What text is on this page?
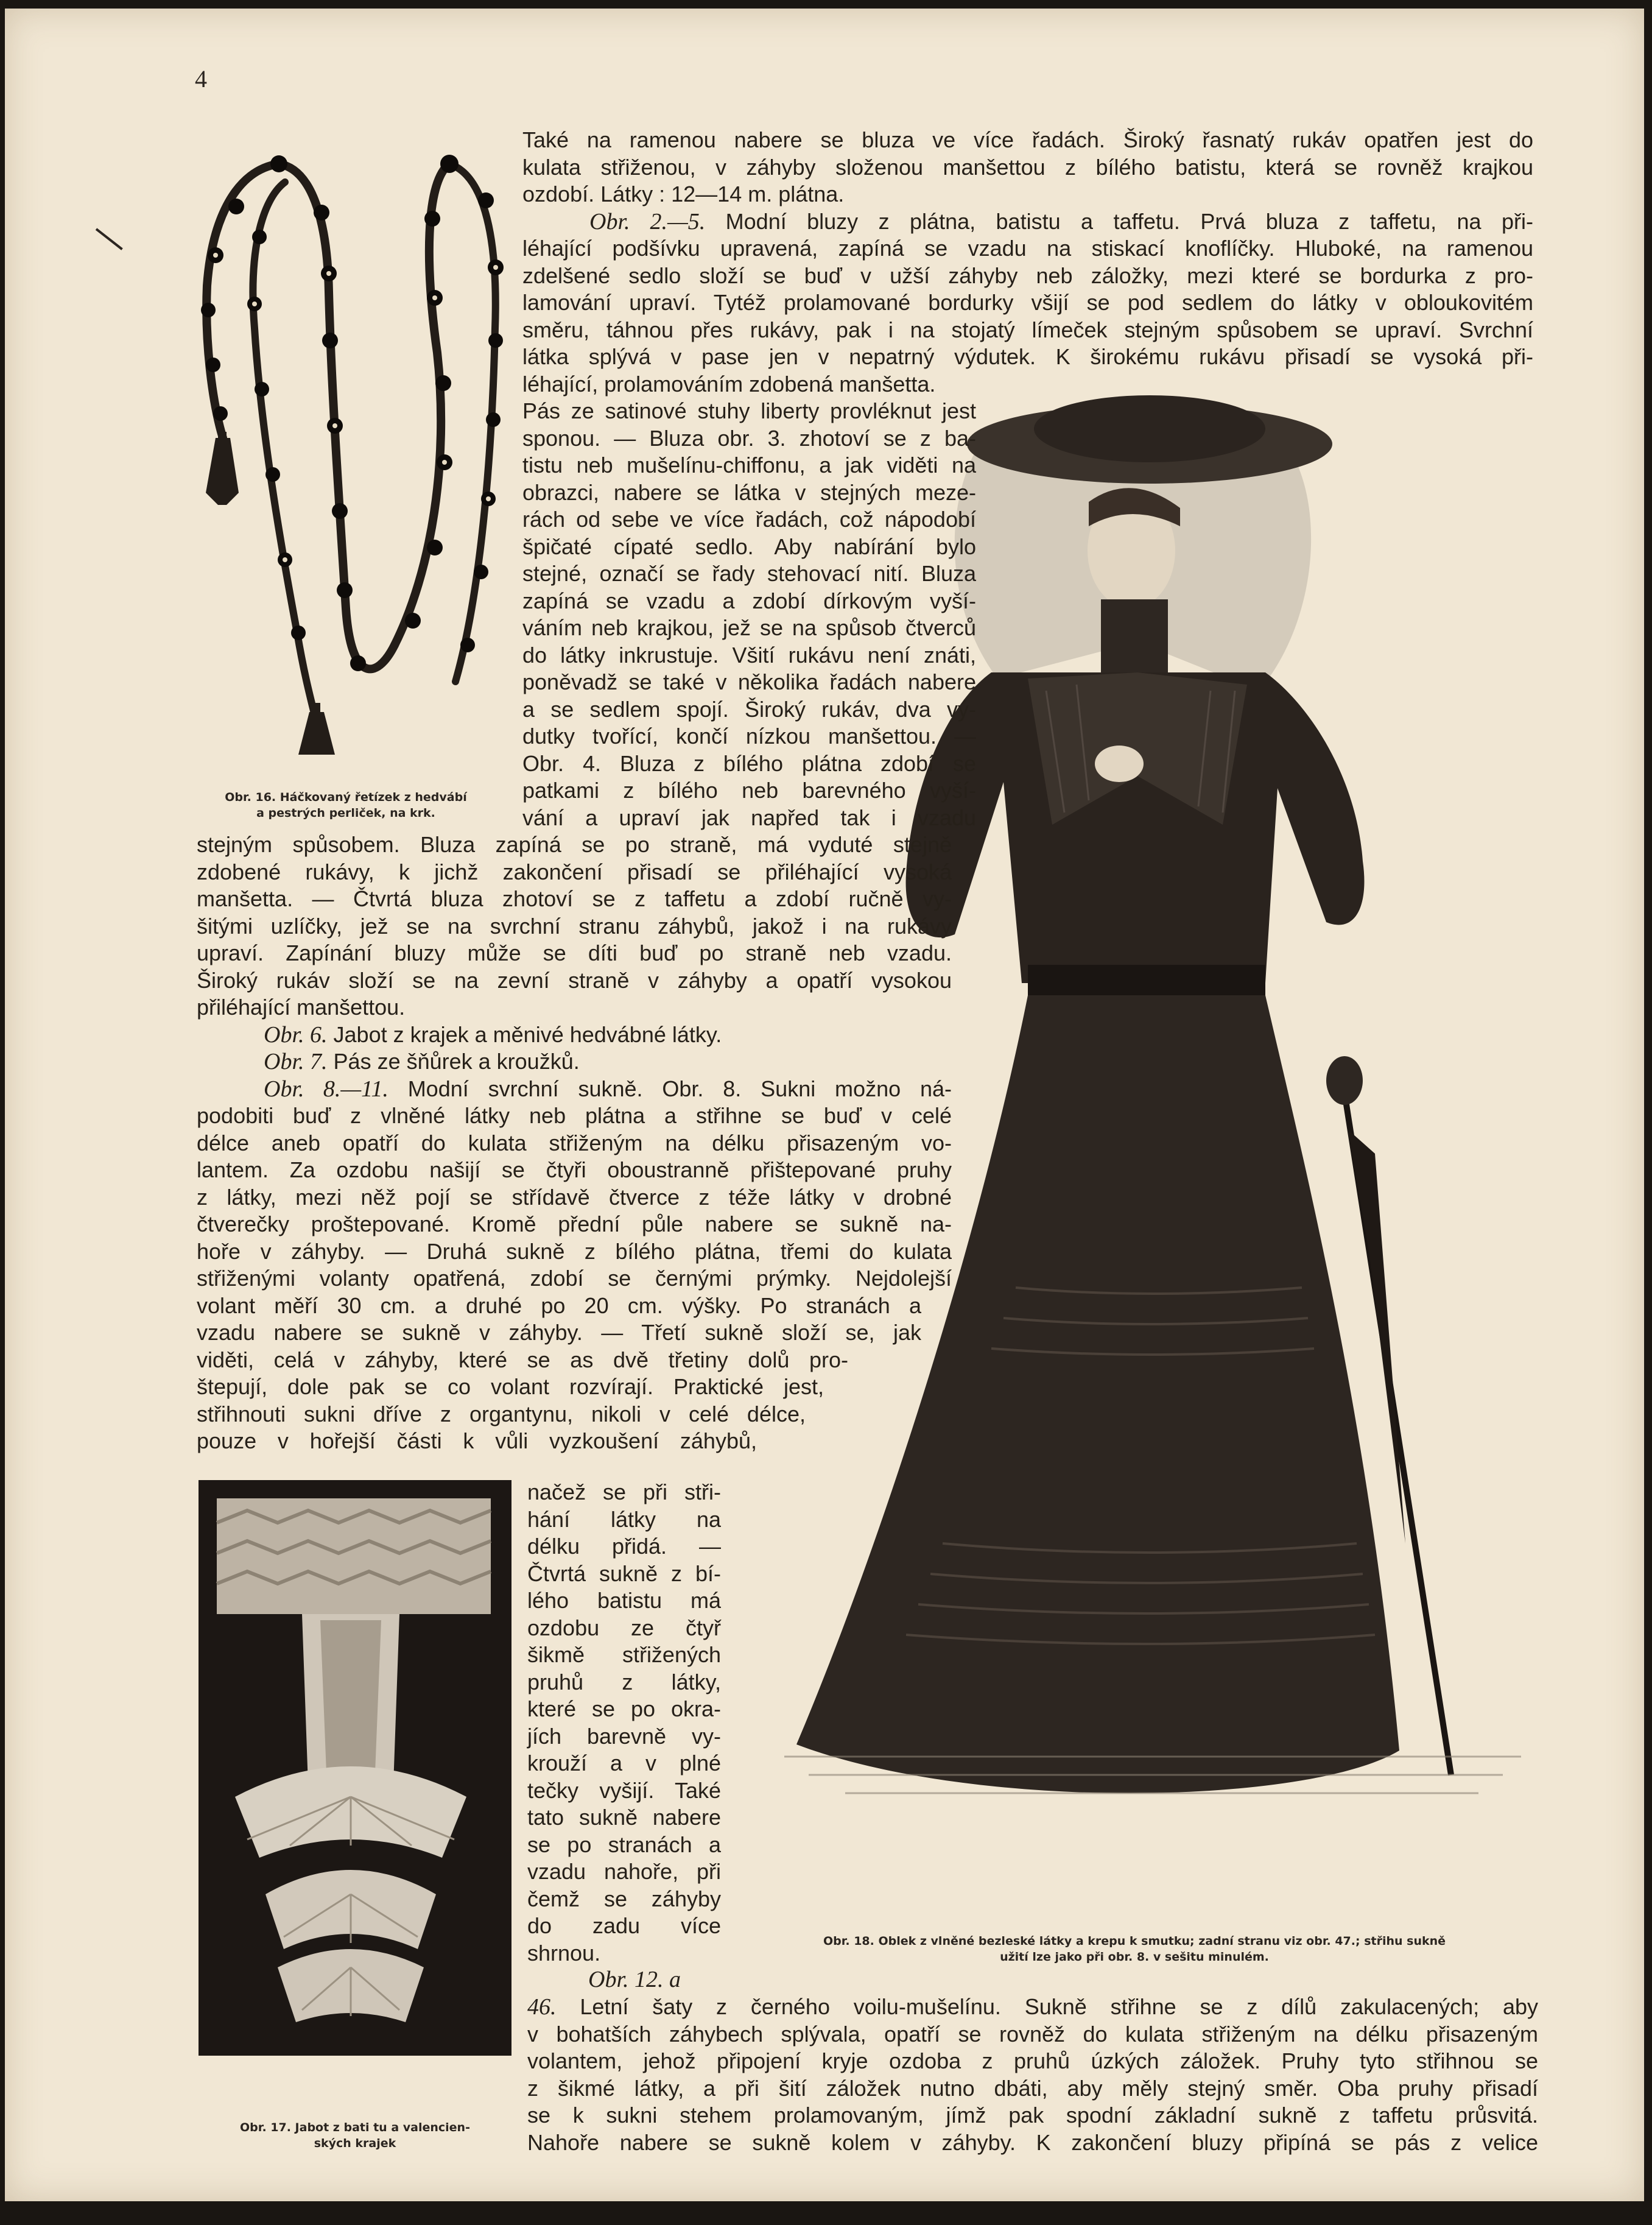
4
Obr. 16. Háčkovaný řetízek z hedvábí
a pestrých perliček, na krk.
Obr. 17. Jabot z bati tu a valencien-
ských krajek
Obr. 18. Oblek z vlněné bezleské látky a krepu k smutku; zadní stranu viz obr. 47.; střihu sukně
užití lze jako při obr. 8. v sešitu minulém.
Také na ramenou nabere se bluza ve více řadách. Široký řasnatý rukáv opatřen jest do
kulata střiženou, v záhyby složenou manšettou z bílého batistu, která se rovněž krajkou
ozdobí. Látky : 12—14 m. plátna.
Obr. 2.—5. Modní bluzy z plátna, batistu a taffetu. Prvá bluza z taffetu, na při-
léhající podšívku upravená, zapíná se vzadu na stiskací knoflíčky. Hluboké, na ramenou
zdelšené sedlo složí se buď v užší záhyby neb záložky, mezi které se bordurka z pro-
lamování upraví. Tytéž prolamované bordurky všijí se pod sedlem do látky v obloukovitém
směru, táhnou přes rukávy, pak i na stojatý límeček stejným spůsobem se upraví. Svrchní
látka splývá v pase jen v nepatrný výdutek. K širokému rukávu přisadí se vysoká při-
léhající, prolamováním zdobená manšetta.
Pás ze satinové stuhy liberty provléknut jest
sponou. — Bluza obr. 3. zhotoví se z ba-
tistu neb mušelínu-chiffonu, a jak viděti na
obrazci, nabere se látka v stejných meze-
rách od sebe ve více řadách, což nápodobí
špičaté cípaté sedlo. Aby nabírání bylo
stejné, označí se řady stehovací nití. Bluza
zapíná se vzadu a zdobí dírkovým vyší-
váním neb krajkou, jež se na spůsob čtverců
do látky inkrustuje. Všití rukávu není znáti,
poněvadž se také v několika řadách nabere
a se sedlem spojí. Široký rukáv, dva vý-
dutky tvořící, končí nízkou manšettou. —
Obr. 4. Bluza z bílého plátna zdobí se
patkami z bílého neb barevného vyší-
vání a upraví jak napřed tak i vzadu
stejným spůsobem. Bluza zapíná se po straně, má vyduté stejně
zdobené rukávy, k jichž zakončení přisadí se přiléhající vysoká
manšetta. — Čtvrtá bluza zhotoví se z taffetu a zdobí ručně vy-
šitými uzlíčky, jež se na svrchní stranu záhybů, jakož i na rukávy
upraví. Zapínání bluzy může se díti buď po straně neb vzadu.
Široký rukáv složí se na zevní straně v záhyby a opatří vysokou
přiléhající manšettou.
Obr. 6. Jabot z krajek a měnivé hedvábné látky.
Obr. 7. Pás ze šňůrek a kroužků.
Obr. 8.—11. Modní svrchní sukně. Obr. 8. Sukni možno ná-
podobiti buď z vlněné látky neb plátna a střihne se buď v celé
délce aneb opatří do kulata střiženým na délku přisazeným vo-
lantem. Za ozdobu našijí se čtyři oboustranně přištepované pruhy
z látky, mezi něž pojí se střídavě čtverce z téže látky v drobné
čtverečky proštepované. Kromě přední půle nabere se sukně na-
hoře v záhyby. — Druhá sukně z bílého plátna, třemi do kulata
střiženými volanty opatřená, zdobí se černými prýmky. Nejdolejší
volant měří 30 cm. a druhé po 20 cm. výšky. Po stranách a
vzadu nabere se sukně v záhyby. — Třetí sukně složí se, jak
viděti, celá v záhyby, které se as dvě třetiny dolů pro-
štepují, dole pak se co volant rozvírají. Praktické jest,
střihnouti sukni dříve z organtynu, nikoli v celé délce,
pouze v hořejší části k vůli vyzkoušení záhybů,
načež se při stři-
hání látky na
délku přidá. —
Čtvrtá sukně z bí-
lého batistu má
ozdobu ze čtyř
šikmě střižených
pruhů z látky,
které se po okra-
jích barevně vy-
krouží a v plné
tečky vyšijí. Také
tato sukně nabere
se po stranách a
vzadu nahoře, při
čemž se záhyby
do zadu více
shrnou.
Obr. 12. a
46. Letní šaty z černého voilu-mušelínu. Sukně střihne se z dílů zakulacených; aby
v bohatších záhybech splývala, opatří se rovněž do kulata střiženým na délku přisazeným
volantem, jehož připojení kryje ozdoba z pruhů úzkých záložek. Pruhy tyto střihnou se
z šikmé látky, a při šití záložek nutno dbáti, aby měly stejný směr. Oba pruhy přisadí
se k sukni stehem prolamovaným, jímž pak spodní základní sukně z taffetu průsvitá.
Nahoře nabere se sukně kolem v záhyby. K zakončení bluzy připíná se pás z velice
